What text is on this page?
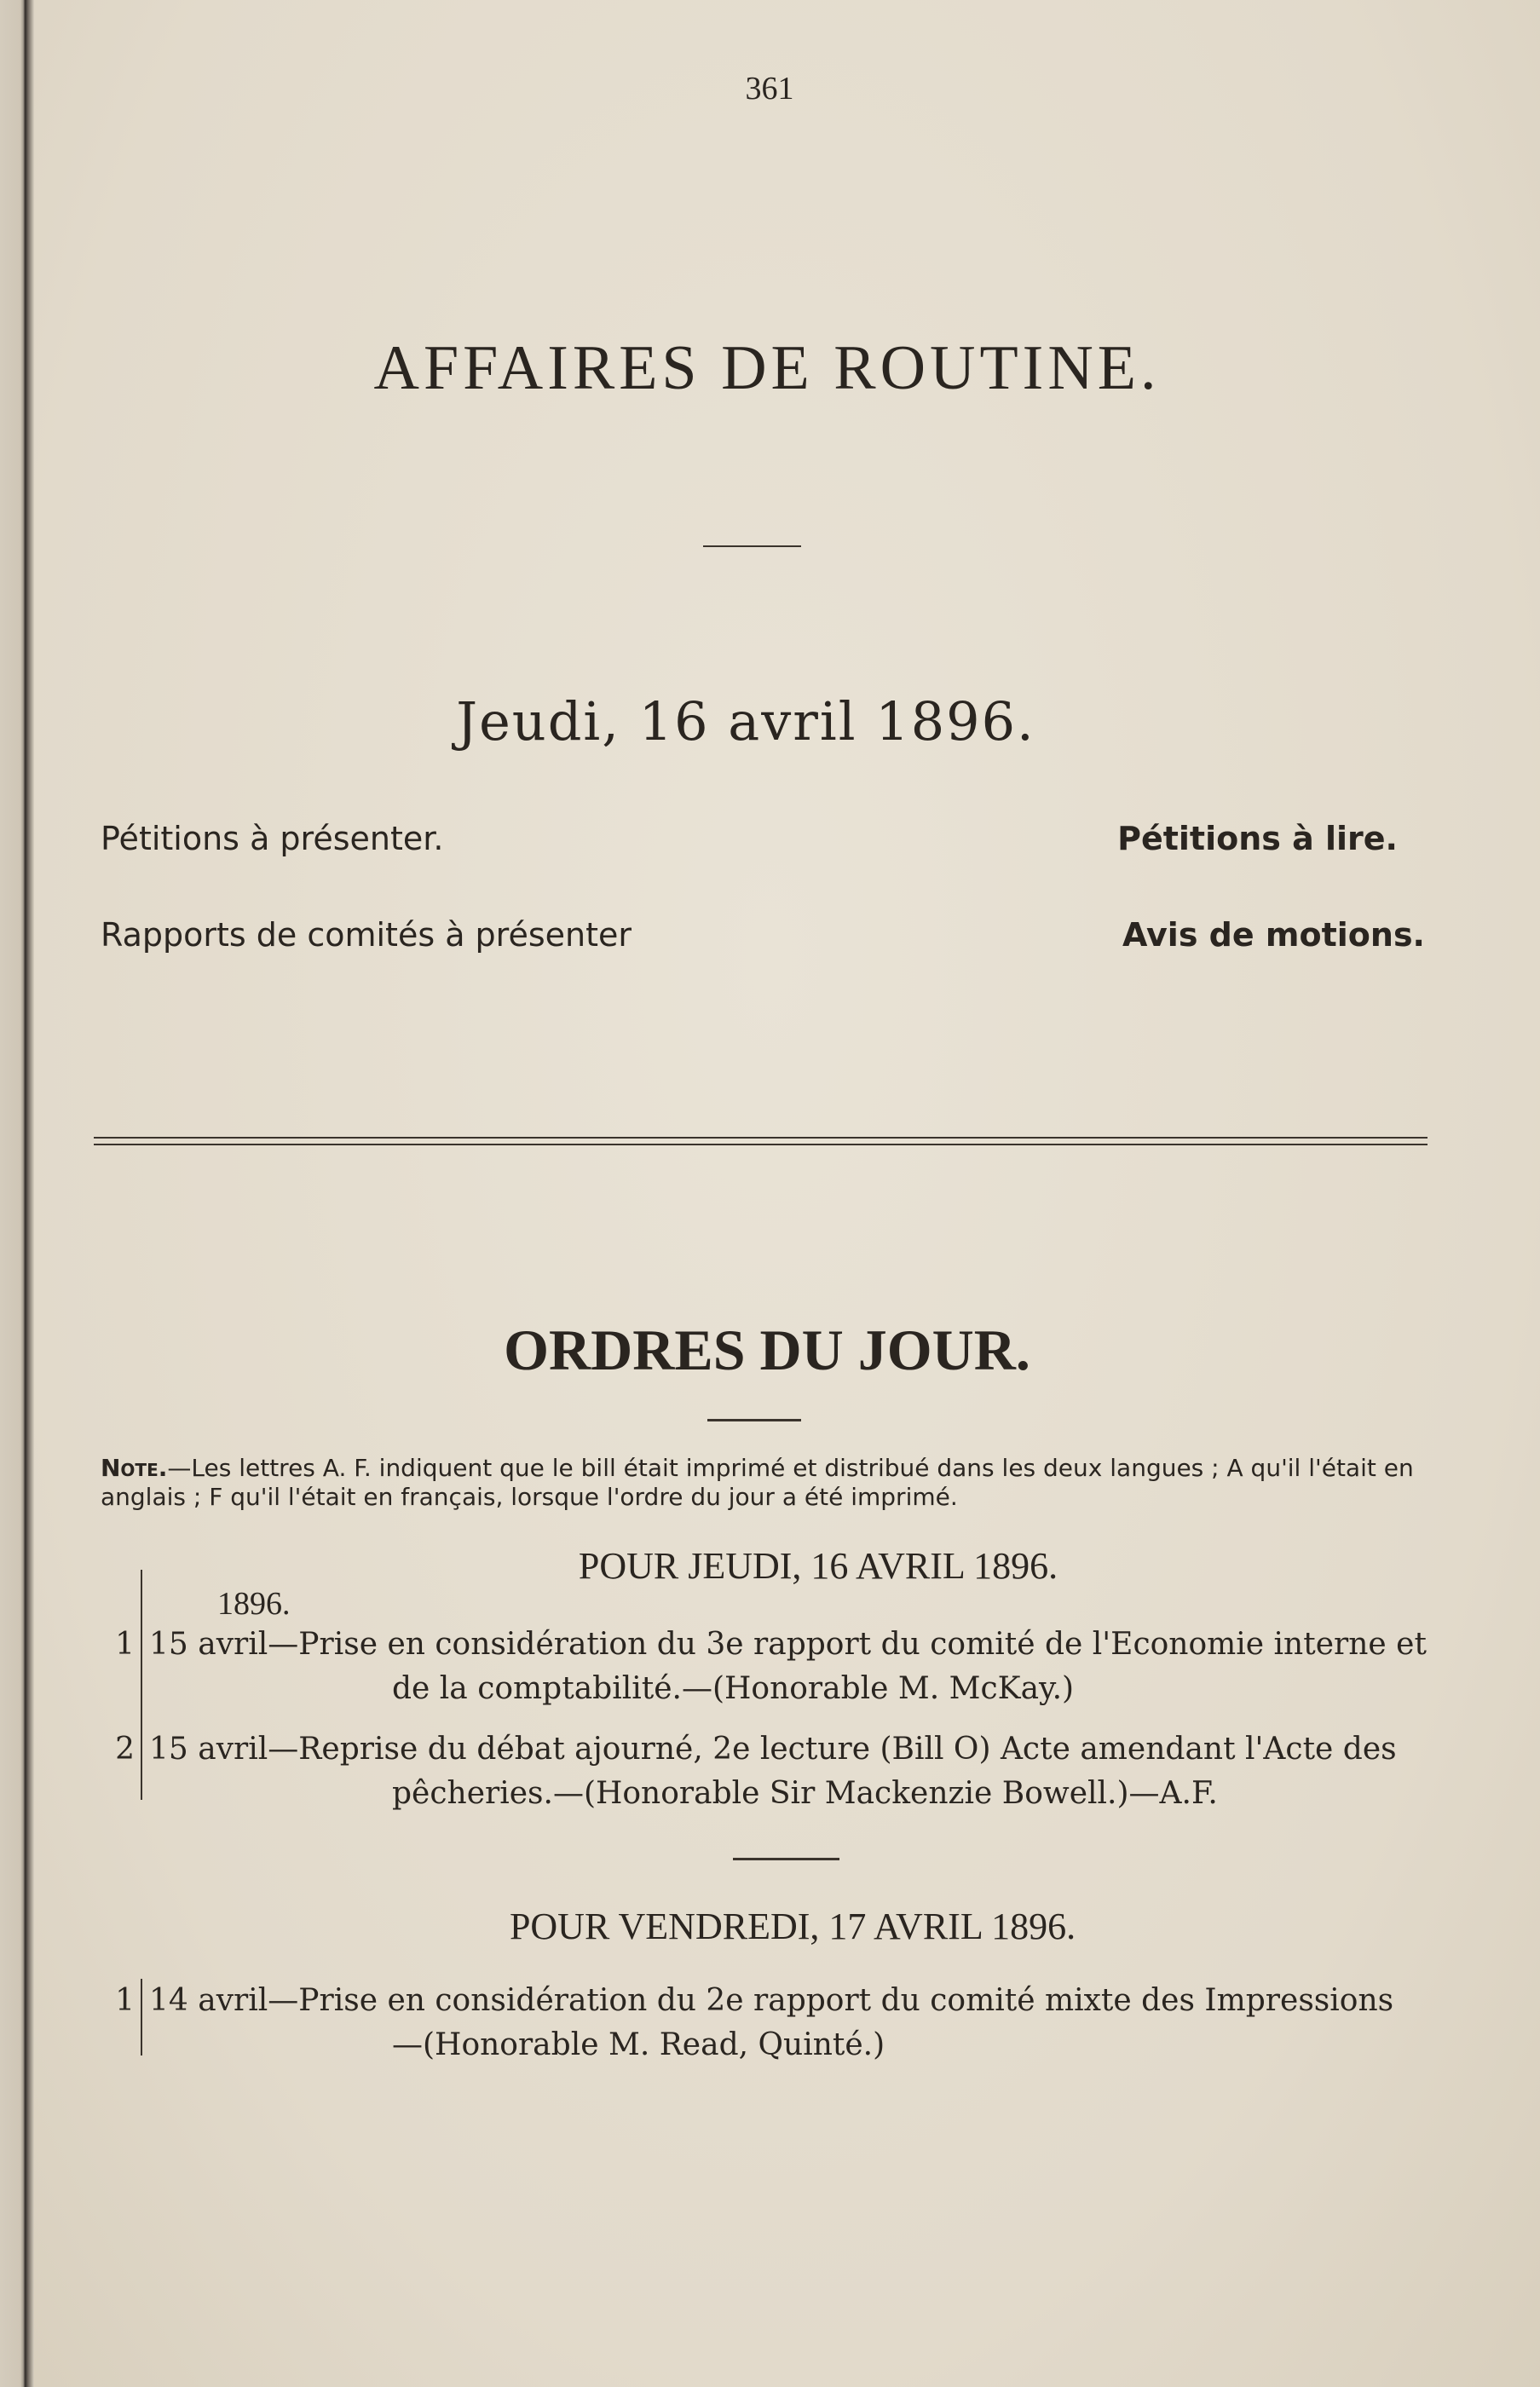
361
AFFAIRES DE ROUTINE.
Jeudi, 16 avril 1896.
Pétitions à présenter.	Pétitions à lire.
Rapports de comités à présenter	Avis de motions.
ORDRES DU JOUR.
Note.—Les lettres A. F. indiquent que le bill était imprimé et distribué dans les deux langues ; A qu'il l'était en anglais ; F qu'il l'était en français, lorsque l'ordre du jour a été imprimé.
POUR JEUDI, 16 AVRIL 1896.
1896.
1 15 avril—Prise en considération du 3e rapport du comité de l'Economie interne et
de la comptabilité.—(Honorable M. McKay.)
2 15 avril—Reprise du débat ajourné, 2e lecture (Bill O) Acte amendant l'Acte des
pêcheries.—(Honorable Sir Mackenzie Bowell.)—A.F.
POUR VENDREDI, 17 AVRIL 1896.
1 14 avril—Prise en considération du 2e rapport du comité mixte des Impressions
—(Honorable M. Read, Quinté.)
